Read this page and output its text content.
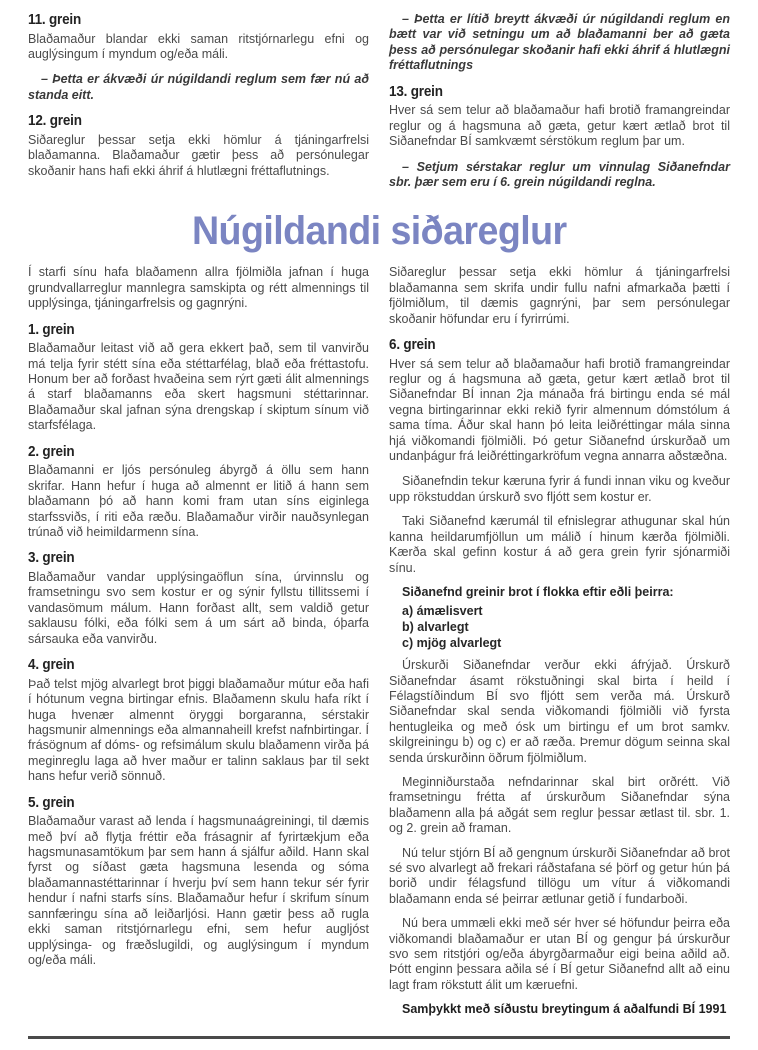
11. grein

Blaðamaður blandar ekki saman ritstjórnarlegu efni og auglýsingum í myndum og/eða máli.

– Þetta er ákvæði úr núgildandi reglum sem fær nú að standa eitt.

12. grein

Siðareglur þessar setja ekki hömlur á tjáningarfrelsi blaðamanna. Blaðamaður gætir þess að persónulegar skoðanir hans hafi ekki áhrif á hlutlægni fréttaflutnings.

– Þetta er lítið breytt ákvæði úr núgildandi reglum en bætt var við setningu um að blaðamanni ber að gæta þess að persónulegar skoðanir hafi ekki áhrif á hlutlægni fréttaflutnings

13. grein

Hver sá sem telur að blaðamaður hafi brotið framangreindar reglur og á hagsmuna að gæta, getur kært ætlað brot til Siðanefndar BÍ samkvæmt sérstökum reglum þar um.

– Setjum sérstakar reglur um vinnulag Siðanefndar sbr. þær sem eru í 6. grein núgildandi reglna.

Núgildandi siðareglur

Í starfi sínu hafa blaðamenn allra fjölmiðla jafnan í huga grundvallarreglur mannlegra samskipta og rétt almennings til upplýsinga, tjáningarfrelsis og gagnrýni.

1. grein

Blaðamaður leitast við að gera ekkert það, sem til vanvirðu má telja fyrir stétt sína eða stéttarfélag, blað eða fréttastofu. Honum ber að forðast hvaðeina sem rýrt gæti álit almennings á starf blaðamanns eða skert hagsmuni stéttarinnar. Blaðamaður skal jafnan sýna drengskap í skiptum sínum við starfsfélaga.

2. grein

Blaðamanni er ljós persónuleg ábyrgð á öllu sem hann skrifar. Hann hefur í huga að almennt er litið á hann sem blaðamann þó að hann komi fram utan síns eiginlega starfssviðs, í riti eða ræðu. Blaðamaður virðir nauðsynlegan trúnað við heimildarmenn sína.

3. grein

Blaðamaður vandar upplýsingaöflun sína, úrvinnslu og framsetningu svo sem kostur er og sýnir fyllstu tillitssemi í vandasömum málum. Hann forðast allt, sem valdið getur saklausu fólki, eða fólki sem á um sárt að binda, óþarfa sársauka eða vanvirðu.

4. grein

Það telst mjög alvarlegt brot þiggi blaðamaður mútur eða hafi í hótunum vegna birtingar efnis. Blaðamenn skulu hafa ríkt í huga hvenær almennt öryggi borgaranna, sérstakir hagsmunir almennings eða almannaheill krefst nafnbirtingar. Í frásögnum af dóms- og refsimálum skulu blaðamenn virða þá meginreglu laga að hver maður er talinn saklaus þar til sekt hans hefur verið sönnuð.

5. grein

Blaðamaður varast að lenda í hagsmunaágreiningi, til dæmis með því að flytja fréttir eða frásagnir af fyrirtækjum eða hagsmunasamtökum þar sem hann á sjálfur aðild. Hann skal fyrst og síðast gæta hagsmuna lesenda og sóma blaðamannastéttarinnar í hverju því sem hann tekur sér fyrir hendur í nafni starfs síns. Blaðamaður hefur í skrifum sínum sannfæringu sína að leiðarljósi. Hann gætir þess að rugla ekki saman ritstjórnarlegu efni, sem hefur augljóst upplýsinga- og fræðslugildi, og auglýsingum í myndum og/eða máli.

Siðareglur þessar setja ekki hömlur á tjáningarfrelsi blaðamanna sem skrifa undir fullu nafni afmarkaða þætti í fjölmiðlum, til dæmis gagnrýni, þar sem persónulegar skoðanir höfundar eru í fyrirrúmi.

6. grein

Hver sá sem telur að blaðamaður hafi brotið framangreindar reglur og á hagsmuna að gæta, getur kært ætlað brot til Siðanefndar BÍ innan 2ja mánaða frá birtingu enda sé mál vegna birtingarinnar ekki rekið fyrir almennum dómstólum á sama tíma. Áður skal hann þó leita leiðréttingar mála sinna hjá viðkomandi fjölmiðli. Þó getur Siðanefnd úrskurðað um undanþágur frá leiðréttingarkröfum vegna annarra aðstæðna.

Siðanefndin tekur kæruna fyrir á fundi innan viku og kveður upp rökstuddan úrskurð svo fljótt sem kostur er.

Taki Siðanefnd kærumál til efnislegrar athugunar skal hún kanna heildarumfjöllun um málið í hinum kærða fjölmiðli. Kærða skal gefinn kostur á að gera grein fyrir sjónarmiði sínu.

Siðanefnd greinir brot í flokka eftir eðli þeirra:

a) ámælisvert
b) alvarlegt
c) mjög alvarlegt

Úrskurði Siðanefndar verður ekki áfrýjað. Úrskurð Siðanefndar ásamt rökstuðningi skal birta í heild í Félagstíðindum BÍ svo fljótt sem verða má. Úrskurð Siðanefndar skal senda viðkomandi fjölmiðli við fyrsta hentugleika og með ósk um birtingu ef um brot samkv. skilgreiningu b) og c) er að ræða. Þremur dögum seinna skal senda úrskurðinn öðrum fjölmiðlum.

Meginniðurstaða nefndarinnar skal birt orðrétt. Við framsetningu frétta af úrskurðum Siðanefndar sýna blaðamenn alla þá aðgát sem reglur þessar ætlast til. sbr. 1. og 2. grein að framan.

Nú telur stjórn BÍ að gengnum úrskurði Siðanefndar að brot sé svo alvarlegt að frekari ráðstafana sé þörf og getur hún þá borið undir félagsfund tillögu um vítur á viðkomandi blaðamann enda sé þeirrar ætlunar getið í fundarboði.

Nú bera ummæli ekki með sér hver sé höfundur þeirra eða viðkomandi blaðamaður er utan BÍ og gengur þá úrskurður svo sem ritstjóri og/eða ábyrgðarmaður eigi beina aðild að. Þótt enginn þessara aðila sé í BÍ getur Siðanefnd allt að einu lagt fram rökstutt álit um kæruefni.

Samþykkt með síðustu breytingum á aðalfundi BÍ 1991
